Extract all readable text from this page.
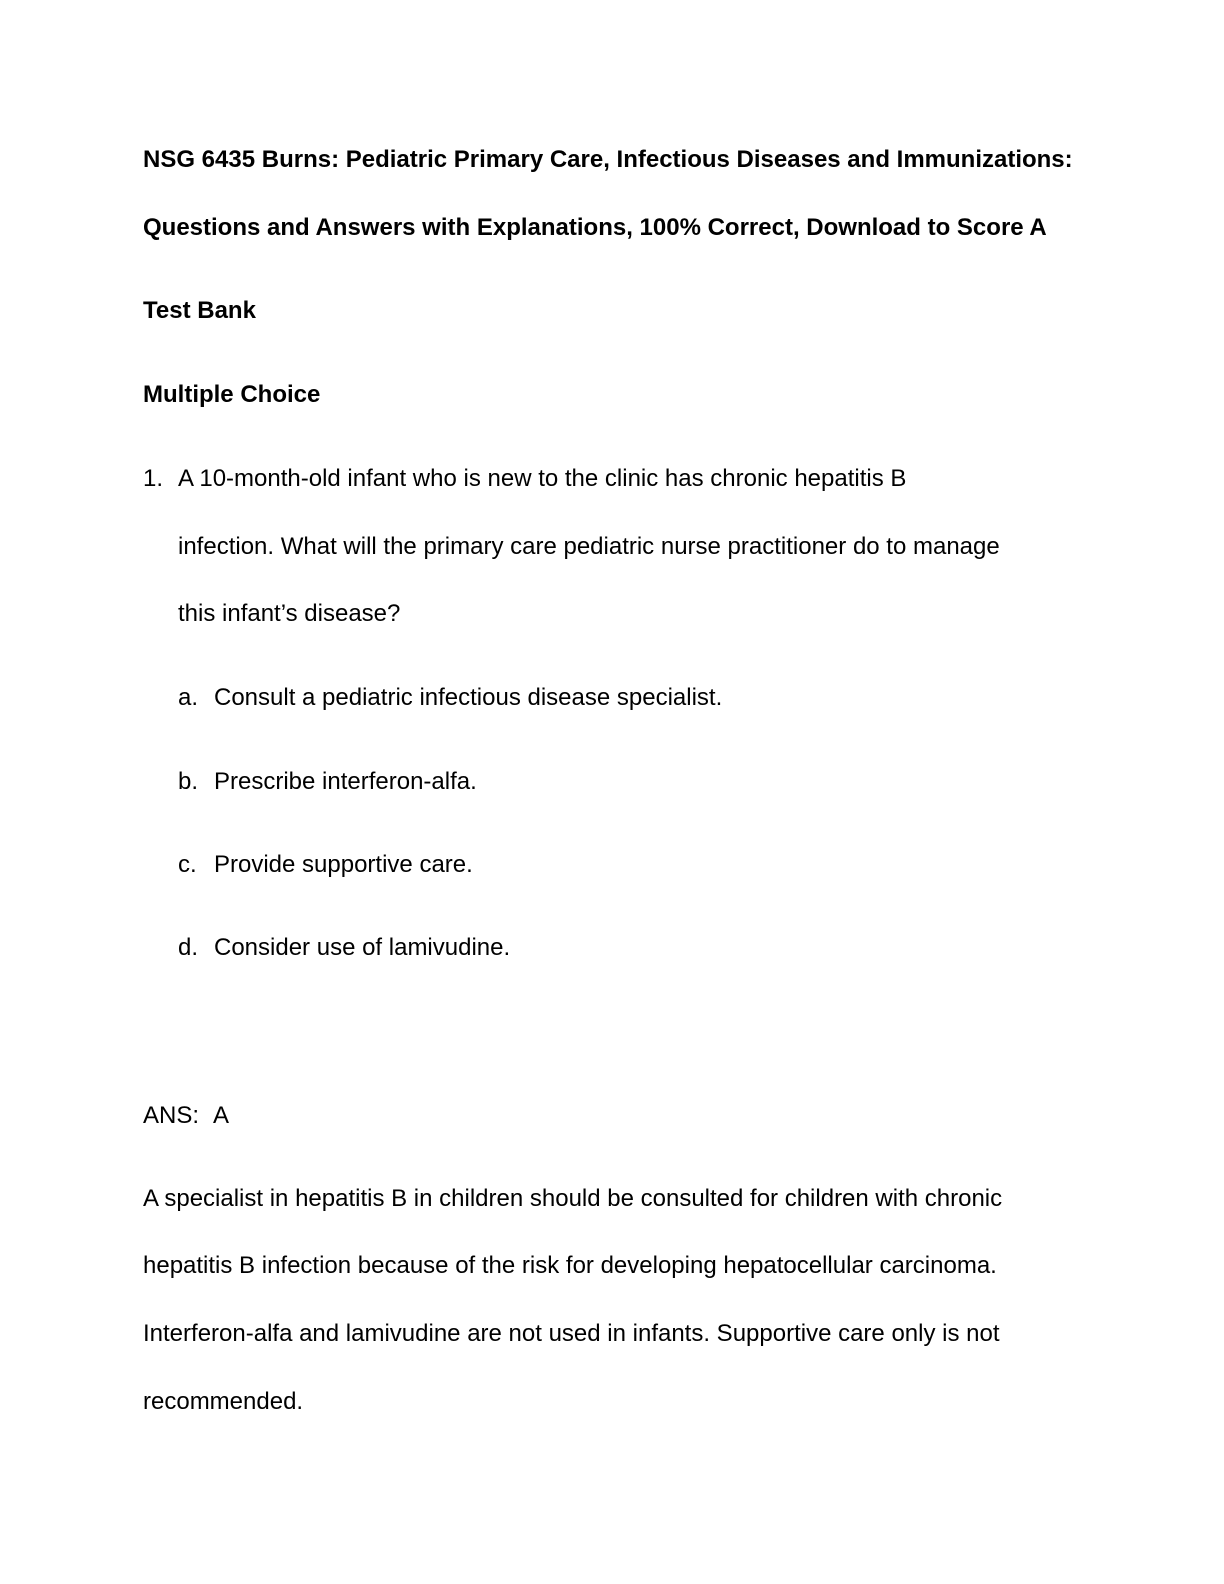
NSG 6435 Burns: Pediatric Primary Care, Infectious Diseases and Immunizations:
Questions and Answers with Explanations, 100% Correct, Download to Score A
Test Bank
Multiple Choice
1. A 10-month-old infant who is new to the clinic has chronic hepatitis B
infection. What will the primary care pediatric nurse practitioner do to manage
this infant’s disease?
a. Consult a pediatric infectious disease specialist.
b. Prescribe interferon-alfa.
c. Provide supportive care.
d. Consider use of lamivudine.
ANS: A
A specialist in hepatitis B in children should be consulted for children with chronic
hepatitis B infection because of the risk for developing hepatocellular carcinoma.
Interferon-alfa and lamivudine are not used in infants. Supportive care only is not
recommended.
